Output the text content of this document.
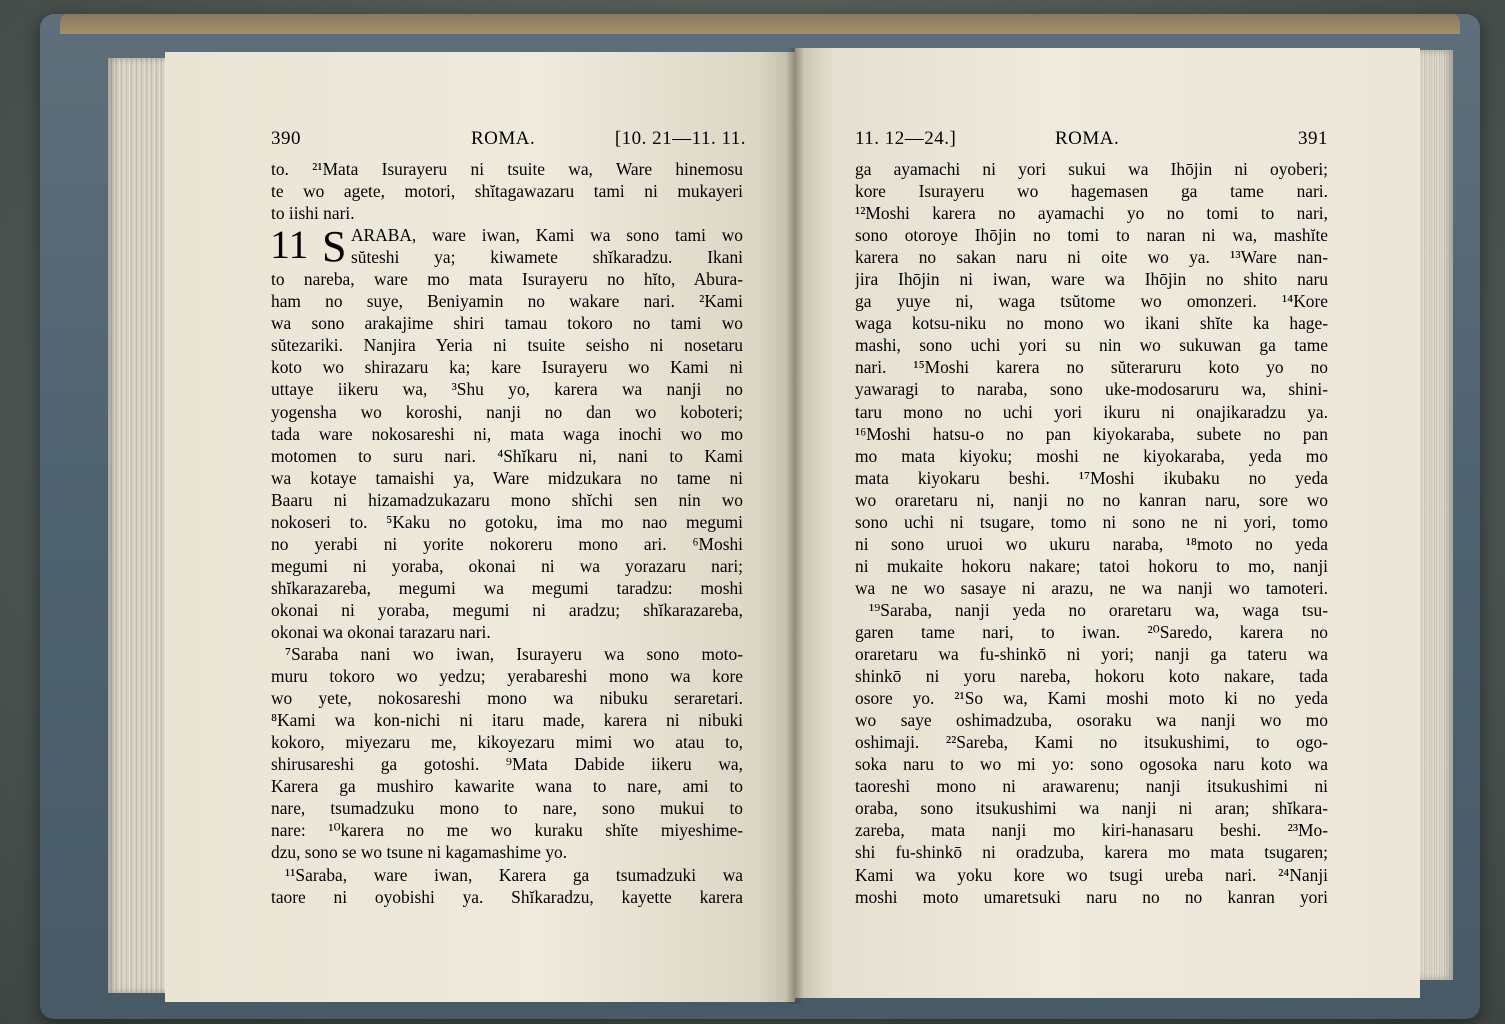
390	ROMA.	[10. 21—11. 11.	11. 12—24.]	ROMA.	391
11 S
to. ²¹Mata Isurayeru ni tsuite wa, Ware hinemosu
te wo agete, motori, shĭtagawazaru tami ni mukayeri
to iishi nari.
ARABA, ware iwan, Kami wa sono tami wo
sŭteshi ya; kiwamete shĭkaradzu. Ikani
to nareba, ware mo mata Isurayeru no hĭto, Abura-
ham no suye, Beniyamin no wakare nari. ²Kami
wa sono arakajime shiri tamau tokoro no tami wo
sŭtezariki. Nanjira Yeria ni tsuite seisho ni nosetaru
koto wo shirazaru ka; kare Isurayeru wo Kami ni
uttaye iikeru wa, ³Shu yo, karera wa nanji no
yogensha wo koroshi, nanji no dan wo koboteri;
tada ware nokosareshi ni, mata waga inochi wo mo
motomen to suru nari. ⁴Shĭkaru ni, nani to Kami
wa kotaye tamaishi ya, Ware midzukara no tame ni
Baaru ni hizamadzukazaru mono shĭchi sen nin wo
nokoseri to. ⁵Kaku no gotoku, ima mo nao megumi
no yerabi ni yorite nokoreru mono ari. ⁶Moshi
megumi ni yoraba, okonai ni wa yorazaru nari;
shĭkarazareba, megumi wa megumi taradzu: moshi
okonai ni yoraba, megumi ni aradzu; shĭkarazareba,
okonai wa okonai tarazaru nari.
⁷Saraba nani wo iwan, Isurayeru wa sono moto-
muru tokoro wo yedzu; yerabareshi mono wa kore
wo yete, nokosareshi mono wa nibuku seraretari.
⁸Kami wa kon-nichi ni itaru made, karera ni nibuki
kokoro, miyezaru me, kikoyezaru mimi wo atau to,
shirusareshi ga gotoshi. ⁹Mata Dabide iikeru wa,
Karera ga mushiro kawarite wana to nare, ami to
nare, tsumadzuku mono to nare, sono mukui to
nare: ¹⁰karera no me wo kuraku shĭte miyeshime-
dzu, sono se wo tsune ni kagamashime yo.
¹¹Saraba, ware iwan, Karera ga tsumadzuki wa
taore ni oyobishi ya. Shĭkaradzu, kayette karera
ga ayamachi ni yori sukui wa Ihōjin ni oyoberi;
kore Isurayeru wo hagemasen ga tame nari.
¹²Moshi karera no ayamachi yo no tomi to nari,
sono otoroye Ihōjin no tomi to naran ni wa, mashĭte
karera no sakan naru ni oite wo ya. ¹³Ware nan-
jira Ihōjin ni iwan, ware wa Ihōjin no shito naru
ga yuye ni, waga tsŭtome wo omonzeri. ¹⁴Kore
waga kotsu-niku no mono wo ikani shĭte ka hage-
mashi, sono uchi yori su nin wo sukuwan ga tame
nari. ¹⁵Moshi karera no sŭteraruru koto yo no
yawaragi to naraba, sono uke-modosaruru wa, shini-
taru mono no uchi yori ikuru ni onajikaradzu ya.
¹⁶Moshi hatsu-o no pan kiyokaraba, subete no pan
mo mata kiyoku; moshi ne kiyokaraba, yeda mo
mata kiyokaru beshi. ¹⁷Moshi ikubaku no yeda
wo oraretaru ni, nanji no no kanran naru, sore wo
sono uchi ni tsugare, tomo ni sono ne ni yori, tomo
ni sono uruoi wo ukuru naraba, ¹⁸moto no yeda
ni mukaite hokoru nakare; tatoi hokoru to mo, nanji
wa ne wo sasaye ni arazu, ne wa nanji wo tamoteri.
¹⁹Saraba, nanji yeda no oraretaru wa, waga tsu-
garen tame nari, to iwan. ²⁰Saredo, karera no
oraretaru wa fu-shinkō ni yori; nanji ga tateru wa
shinkō ni yoru nareba, hokoru koto nakare, tada
osore yo. ²¹So wa, Kami moshi moto ki no yeda
wo saye oshimadzuba, osoraku wa nanji wo mo
oshimaji. ²²Sareba, Kami no itsukushimi, to ogo-
soka naru to wo mi yo: sono ogosoka naru koto wa
taoreshi mono ni arawarenu; nanji itsukushimi ni
oraba, sono itsukushimi wa nanji ni aran; shĭkara-
zareba, mata nanji mo kiri-hanasaru beshi. ²³Mo-
shi fu-shinkō ni oradzuba, karera mo mata tsugaren;
Kami wa yoku kore wo tsugi ureba nari. ²⁴Nanji
moshi moto umaretsuki naru no no kanran yori
